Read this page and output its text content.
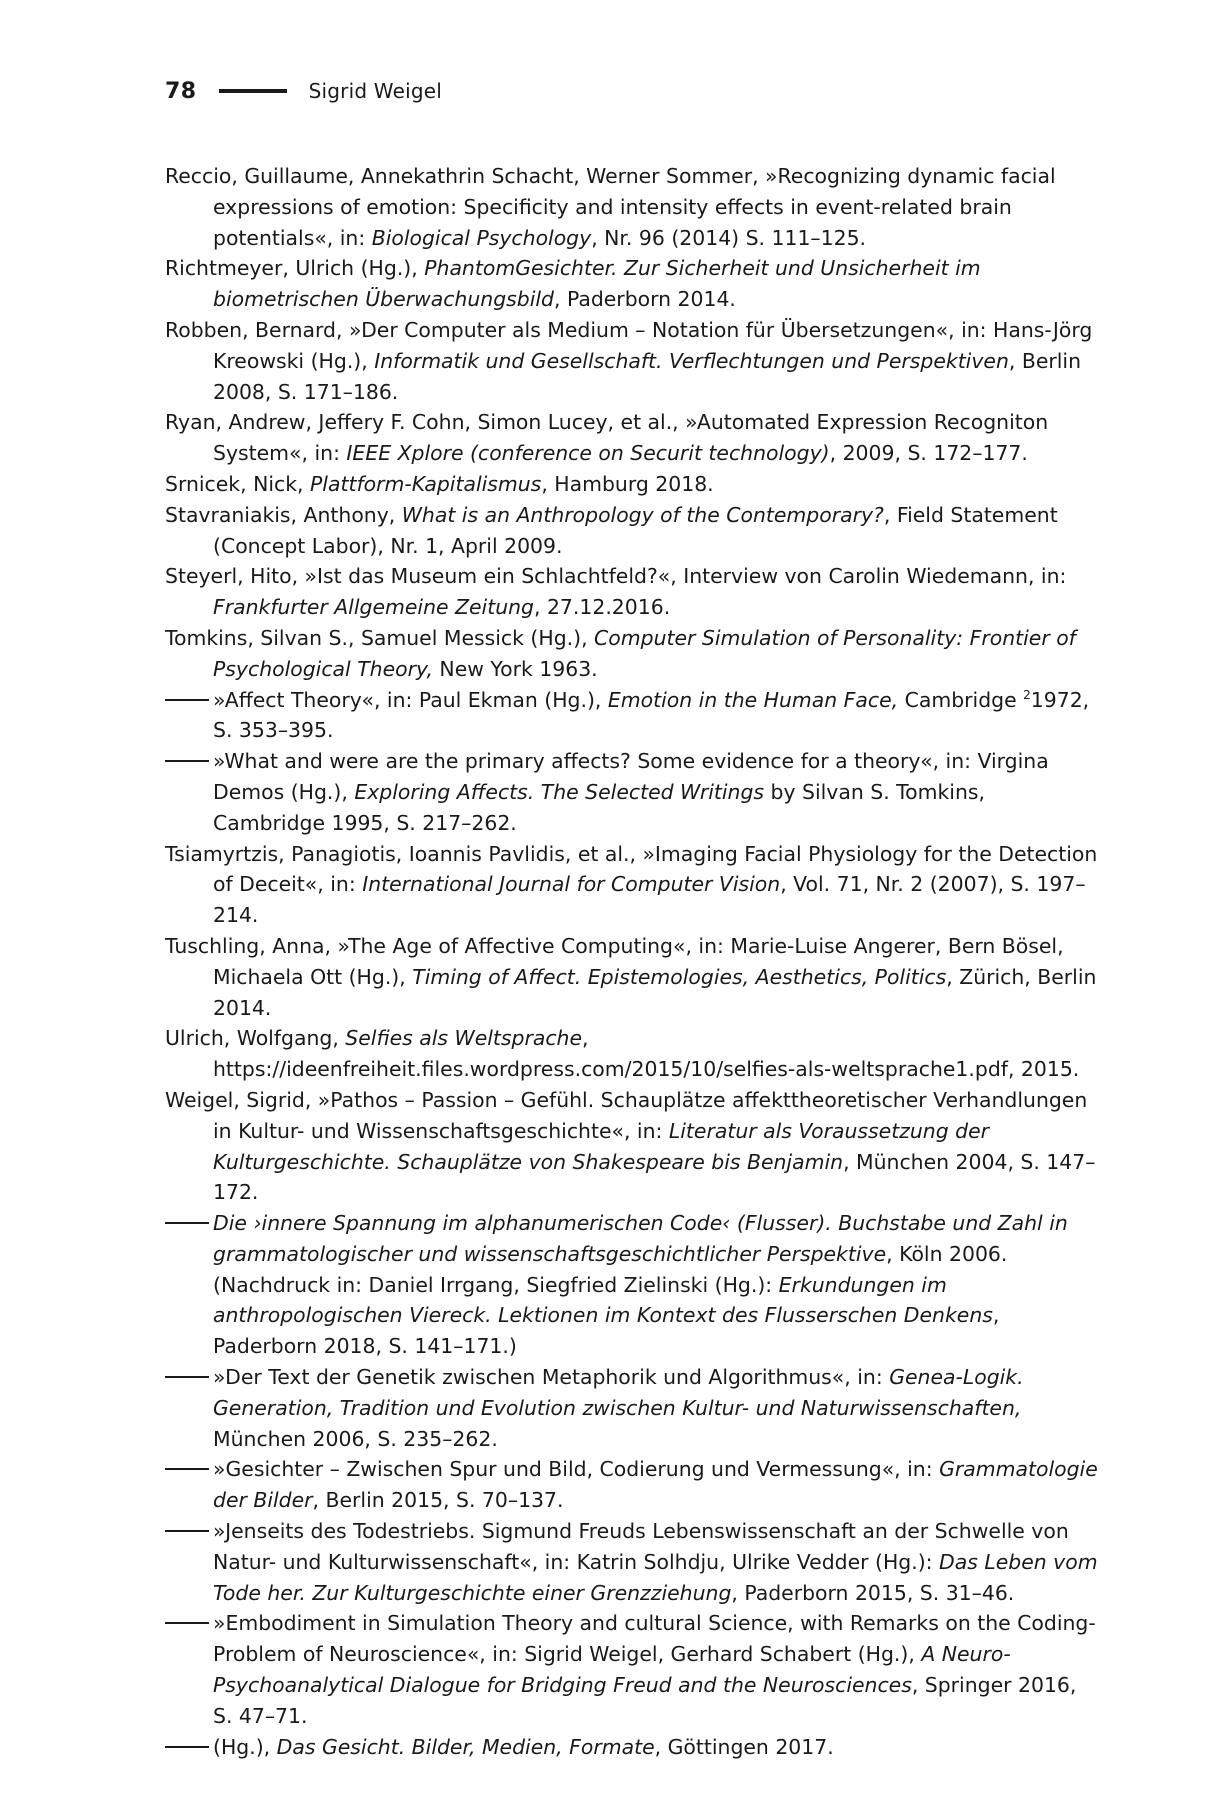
78	Sigrid Weigel
Reccio, Guillaume, Annekathrin Schacht, Werner Sommer, »Recognizing dynamic facial expressions of emotion: Specificity and intensity effects in event-related brain potentials«, in: Biological Psychology, Nr. 96 (2014) S. 111–125.
Richtmeyer, Ulrich (Hg.), PhantomGesichter. Zur Sicherheit und Unsicherheit im biometrischen Überwachungsbild, Paderborn 2014.
Robben, Bernard, »Der Computer als Medium – Notation für Übersetzungen«, in: Hans-Jörg Kreowski (Hg.), Informatik und Gesellschaft. Verflechtungen und Perspektiven, Berlin 2008, S. 171–186.
Ryan, Andrew, Jeffery F. Cohn, Simon Lucey, et al., »Automated Expression Recogniton System«, in: IEEE Xplore (conference on Securit technology), 2009, S. 172–177.
Srnicek, Nick, Plattform-Kapitalismus, Hamburg 2018.
Stavraniakis, Anthony, What is an Anthropology of the Contemporary?, Field Statement (Concept Labor), Nr. 1, April 2009.
Steyerl, Hito, »Ist das Museum ein Schlachtfeld?«, Interview von Carolin Wiedemann, in: Frankfurter Allgemeine Zeitung, 27.12.2016.
Tomkins, Silvan S., Samuel Messick (Hg.), Computer Simulation of Personality: Frontier of Psychological Theory, New York 1963.
»Affect Theory«, in: Paul Ekman (Hg.), Emotion in the Human Face, Cambridge $^2$1972, S. 353–395.
»What and were are the primary affects? Some evidence for a theory«, in: Virgina Demos (Hg.), Exploring Affects. The Selected Writings by Silvan S. Tomkins, Cambridge 1995, S. 217–262.
Tsiamyrtzis, Panagiotis, Ioannis Pavlidis, et al., »Imaging Facial Physiology for the Detection of Deceit«, in: International Journal for Computer Vision, Vol. 71, Nr. 2 (2007), S. 197–214.
Tuschling, Anna, »The Age of Affective Computing«, in: Marie-Luise Angerer, Bern Bösel, Michaela Ott (Hg.), Timing of Affect. Epistemologies, Aesthetics, Politics, Zürich, Berlin 2014.
Ulrich, Wolfgang, Selfies als Weltsprache, https://ideenfreiheit.files.wordpress.com/2015/10/selfies-als-weltsprache1.pdf, 2015.
Weigel, Sigrid, »Pathos – Passion – Gefühl. Schauplätze affekttheoretischer Verhandlungen in Kultur- und Wissenschaftsgeschichte«, in: Literatur als Voraussetzung der Kulturgeschichte. Schauplätze von Shakespeare bis Benjamin, München 2004, S. 147–172.
Die ›innere Spannung im alphanumerischen Code‹ (Flusser). Buchstabe und Zahl in grammatologischer und wissenschaftsgeschichtlicher Perspektive, Köln 2006. (Nachdruck in: Daniel Irrgang, Siegfried Zielinski (Hg.): Erkundungen im anthropologischen Viereck. Lektionen im Kontext des Flusserschen Denkens, Paderborn 2018, S. 141–171.)
»Der Text der Genetik zwischen Metaphorik und Algorithmus«, in: Genea-Logik. Generation, Tradition und Evolution zwischen Kultur- und Naturwissenschaften, München 2006, S. 235–262.
»Gesichter – Zwischen Spur und Bild, Codierung und Vermessung«, in: Grammatologie der Bilder, Berlin 2015, S. 70–137.
»Jenseits des Todestriebs. Sigmund Freuds Lebenswissenschaft an der Schwelle von Natur- und Kulturwissenschaft«, in: Katrin Solhdju, Ulrike Vedder (Hg.): Das Leben vom Tode her. Zur Kulturgeschichte einer Grenzziehung, Paderborn 2015, S. 31–46.
»Embodiment in Simulation Theory and cultural Science, with Remarks on the Coding-Problem of Neuroscience«, in: Sigrid Weigel, Gerhard Schabert (Hg.), A Neuro-Psychoanalytical Dialogue for Bridging Freud and the Neurosciences, Springer 2016, S. 47–71.
(Hg.), Das Gesicht. Bilder, Medien, Formate, Göttingen 2017.
